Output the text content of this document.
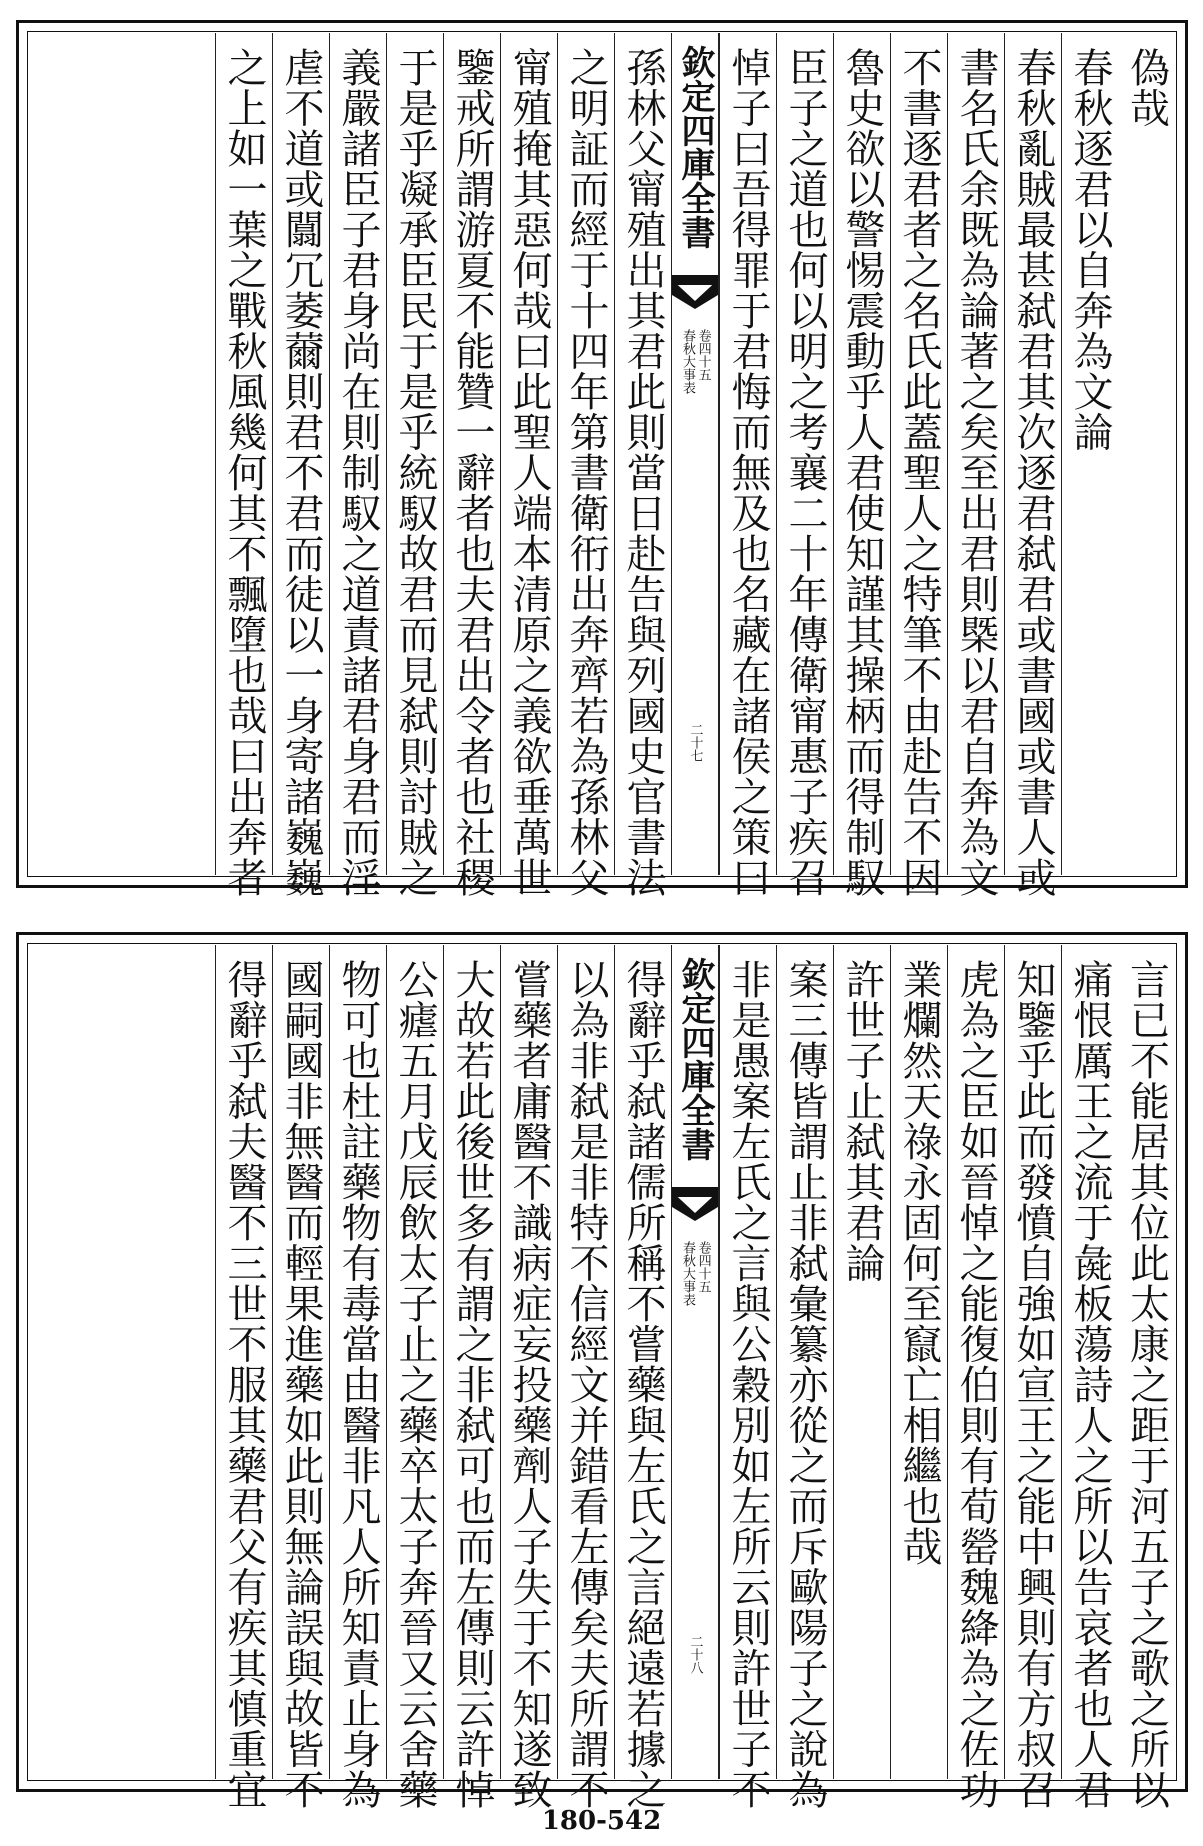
偽哉
春秋逐君以自奔為文論
春秋亂賊最甚弑君其次逐君弑君或書國或書人或
書名氏余既為論著之矣至出君則槩以君自奔為文
不書逐君者之名氏此蓋聖人之特筆不由赴告不因
魯史欲以警惕震動乎人君使知謹其操柄而得制馭
臣子之道也何以明之考襄二十年傳衛甯惠子疾召
悼子曰吾得罪于君悔而無及也名藏在諸侯之策曰
欽定四庫全書
春秋大事表 卷四十五
二十七
孫林父甯殖出其君此則當日赴告與列國史官書法
之明証而經于十四年第書衛衎出奔齊若為孫林父
甯殖掩其惡何哉曰此聖人端本清原之義欲垂萬世
鑒戒所謂游夏不能贊一辭者也夫君出令者也社稷
于是乎凝承臣民于是乎統馭故君而見弑則討賊之
義嚴諸臣子君身尚在則制馭之道責諸君身君而淫
虐不道或闒冗萎薾則君不君而徒以一身寄諸巍巍
之上如一葉之戰秋風幾何其不飄墮也哉曰出奔者
言已不能居其位此太康之距于河五子之歌之所以
痛恨厲王之流于彘板蕩詩人之所以告哀者也人君
知鑒乎此而發憤自強如宣王之能中興則有方叔召
虎為之臣如晉悼之能復伯則有荀罃魏絳為之佐功
業爛然天祿永固何至竄亡相繼也哉
許世子止弑其君論
案三傳皆謂止非弑彙纂亦從之而斥歐陽子之說為
非是愚案左氏之言與公穀別如左所云則許世子不
欽定四庫全書
春秋大事表 卷四十五
二十八
得辭乎弑諸儒所稱不嘗藥與左氏之言絕遠若據之
以為非弑是非特不信經文并錯看左傳矣夫所謂不
嘗藥者庸醫不識病症妄投藥劑人子失于不知遂致
大故若此後世多有謂之非弑可也而左傳則云許悼
公瘧五月戊辰飲太子止之藥卒太子奔晉又云舍藥
物可也杜註藥物有毒當由醫非凡人所知責止身為
國嗣國非無醫而輕果進藥如此則無論誤與故皆不
得辭乎弑夫醫不三世不服其藥君父有疾其慎重宜
180-542
